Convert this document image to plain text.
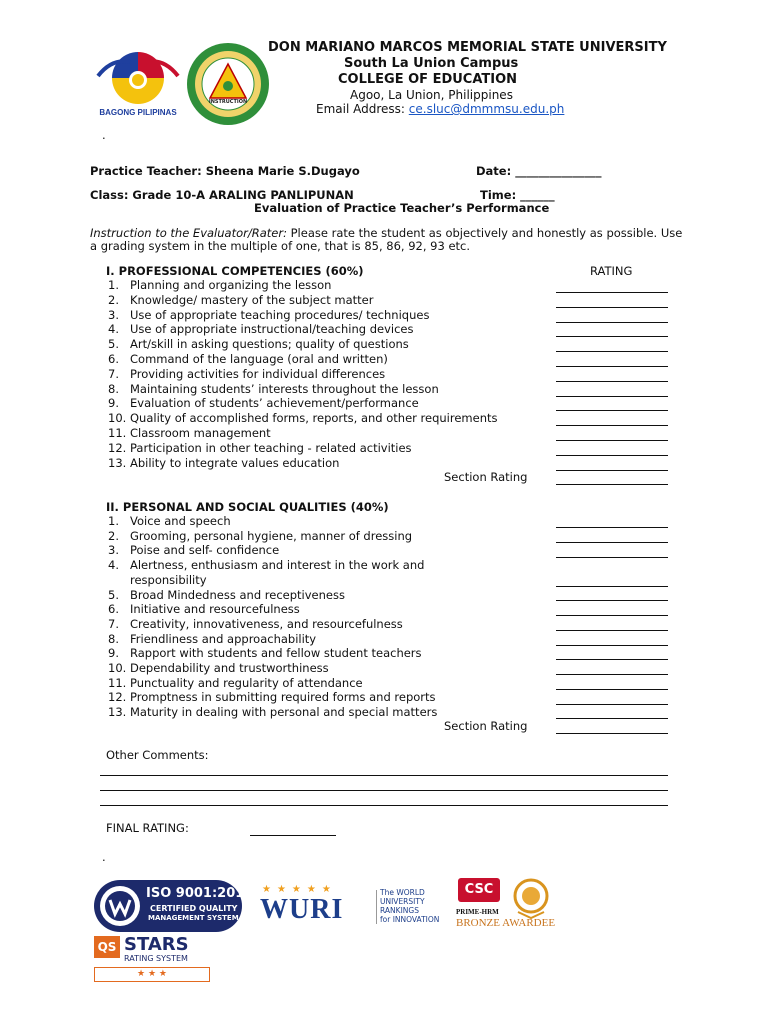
BAGONG PILIPINAS
INSTRUCTION
DON MARIANO MARCOS MEMORIAL STATE UNIVERSITY
South La Union Campus
COLLEGE OF EDUCATION
Agoo, La Union, Philippines
Email Address: ce.sluc@dmmmsu.edu.ph
.
Practice Teacher: Sheena Marie S.Dugayo	Date: _______________
Class: Grade 10-A ARALING PANLIPUNAN	Time: ______
Evaluation of Practice Teacher’s Performance
Instruction to the Evaluator/Rater: Please rate the student as objectively and honestly as possible. Use
a grading system in the multiple of one, that is 85, 86, 92, 93 etc.
I. PROFESSIONAL COMPETENCIES (60%)	RATING
1. Planning and organizing the lesson
2. Knowledge/ mastery of the subject matter
3. Use of appropriate teaching procedures/ techniques
4. Use of appropriate instructional/teaching devices
5. Art/skill in asking questions; quality of questions
6. Command of the language (oral and written)
7. Providing activities for individual differences
8. Maintaining students’ interests throughout the lesson
9. Evaluation of students’ achievement/performance
10. Quality of accomplished forms, reports, and other requirements
11. Classroom management
12. Participation in other teaching - related activities
13. Ability to integrate values education
Section Rating
II. PERSONAL AND SOCIAL QUALITIES (40%)
1. Voice and speech
2. Grooming, personal hygiene, manner of dressing
3. Poise and self- confidence
4. Alertness, enthusiasm and interest in the work and
responsibility
5. Broad Mindedness and receptiveness
6. Initiative and resourcefulness
7. Creativity, innovativeness, and resourcefulness
8. Friendliness and approachability
9. Rapport with students and fellow student teachers
10. Dependability and trustworthiness
11. Punctuality and regularity of attendance
12. Promptness in submitting required forms and reports
13. Maturity in dealing with personal and special matters
Section Rating
Other Comments:
FINAL RATING:
.
ISO 9001:2015
CERTIFIED QUALITY
MANAGEMENT SYSTEM
★★★★★
WURI
The WORLD
UNIVERSITY
RANKINGS
for INNOVATION
CSC
PRIME-HRM
BRONZE AWARDEE
QS STARS
RATING SYSTEM
★ ★ ★
